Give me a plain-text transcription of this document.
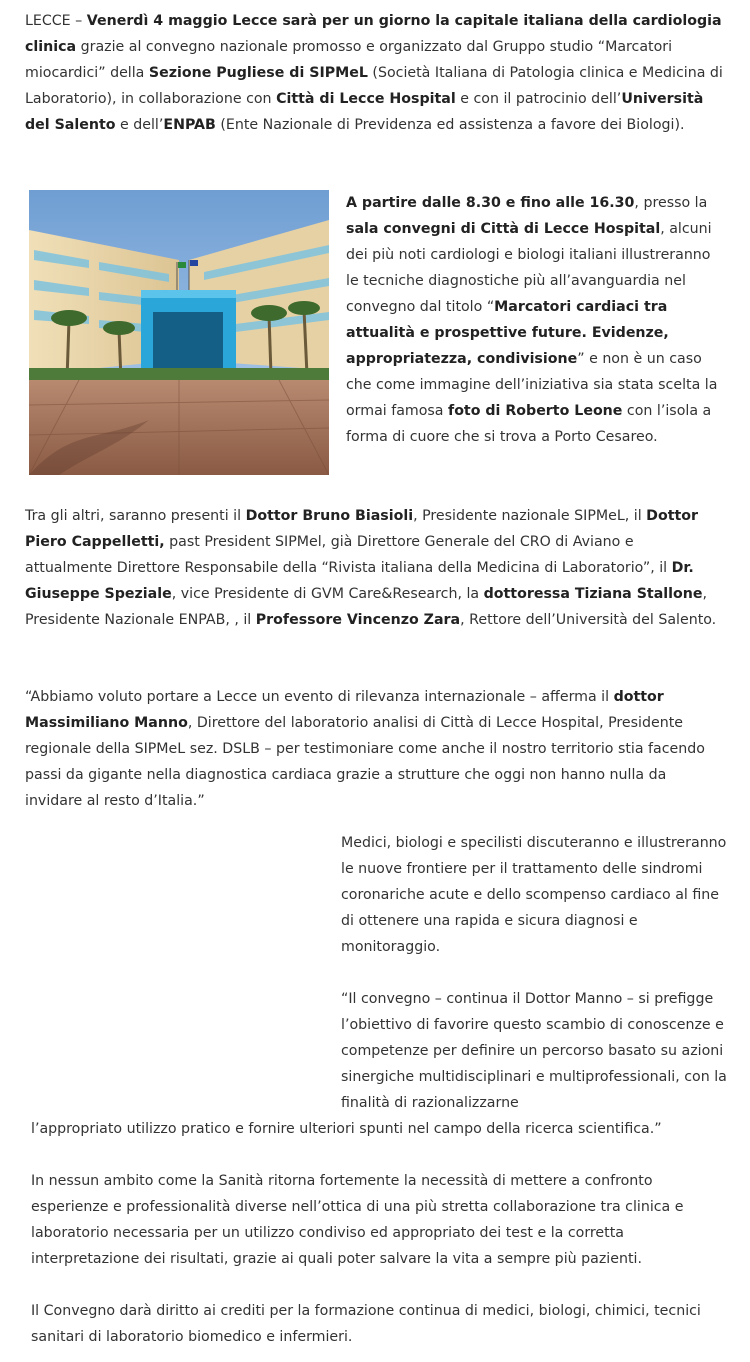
LECCE – Venerdì 4 maggio Lecce sarà per un giorno la capitale italiana della cardiologia clinica grazie al convegno nazionale promosso e organizzato dal Gruppo studio “Marcatori miocardici” della Sezione Pugliese di SIPMeL (Società Italiana di Patologia clinica e Medicina di Laboratorio), in collaborazione con Città di Lecce Hospital e con il patrocinio dell’Università del Salento e dell’ENPAB (Ente Nazionale di Previdenza ed assistenza a favore dei Biologi).

A partire dalle 8.30 e fino alle 16.30, presso la sala convegni di Città di Lecce Hospital, alcuni dei più noti cardiologi e biologi italiani illustreranno le tecniche diagnostiche più all’avanguardia nel convegno dal titolo “Marcatori cardiaci tra attualità e prospettive future. Evidenze, appropriatezza, condivisione” e non è un caso che come immagine dell’iniziativa sia stata scelta la ormai famosa foto di Roberto Leone con l’isola a forma di cuore che si trova a Porto Cesareo.

Tra gli altri, saranno presenti il Dottor Bruno Biasioli, Presidente nazionale SIPMeL, il Dottor Piero Cappelletti, past President SIPMel, già Direttore Generale del CRO di Aviano e attualmente Direttore Responsabile della “Rivista italiana della Medicina di Laboratorio”, il Dr. Giuseppe Speziale, vice Presidente di GVM Care&Research, la dottoressa Tiziana Stallone, Presidente Nazionale ENPAB, , il Professore Vincenzo Zara, Rettore dell’Università del Salento.

“Abbiamo voluto portare a Lecce un evento di rilevanza internazionale – afferma il dottor Massimiliano Manno, Direttore del laboratorio analisi di Città di Lecce Hospital, Presidente regionale della SIPMeL sez. DSLB – per testimoniare come anche il nostro territorio stia facendo passi da gigante nella diagnostica cardiaca grazie a strutture che oggi non hanno nulla da invidare al resto d’Italia.”

Medici, biologi e specilisti discuteranno e illustreranno le nuove frontiere per il trattamento delle sindromi coronariche acute e dello scompenso cardiaco al fine di ottenere una rapida e sicura diagnosi e monitoraggio.

“Il convegno – continua il Dottor Manno – si prefigge l’obiettivo di favorire questo scambio di conoscenze e competenze per definire un percorso basato su azioni sinergiche multidisciplinari e multiprofessionali, con la finalità di razionalizzarne

l’appropriato utilizzo pratico e fornire ulteriori spunti nel campo della ricerca scientifica.”

In nessun ambito come la Sanità ritorna fortemente la necessità di mettere a confronto esperienze e professionalità diverse nell’ottica di una più stretta collaborazione tra clinica e laboratorio necessaria per un utilizzo condiviso ed appropriato dei test e la corretta interpretazione dei risultati, grazie ai quali poter salvare la vita a sempre più pazienti.

Il Convegno darà diritto ai crediti per la formazione continua di medici, biologi, chimici, tecnici sanitari di laboratorio biomedico e infermieri.
